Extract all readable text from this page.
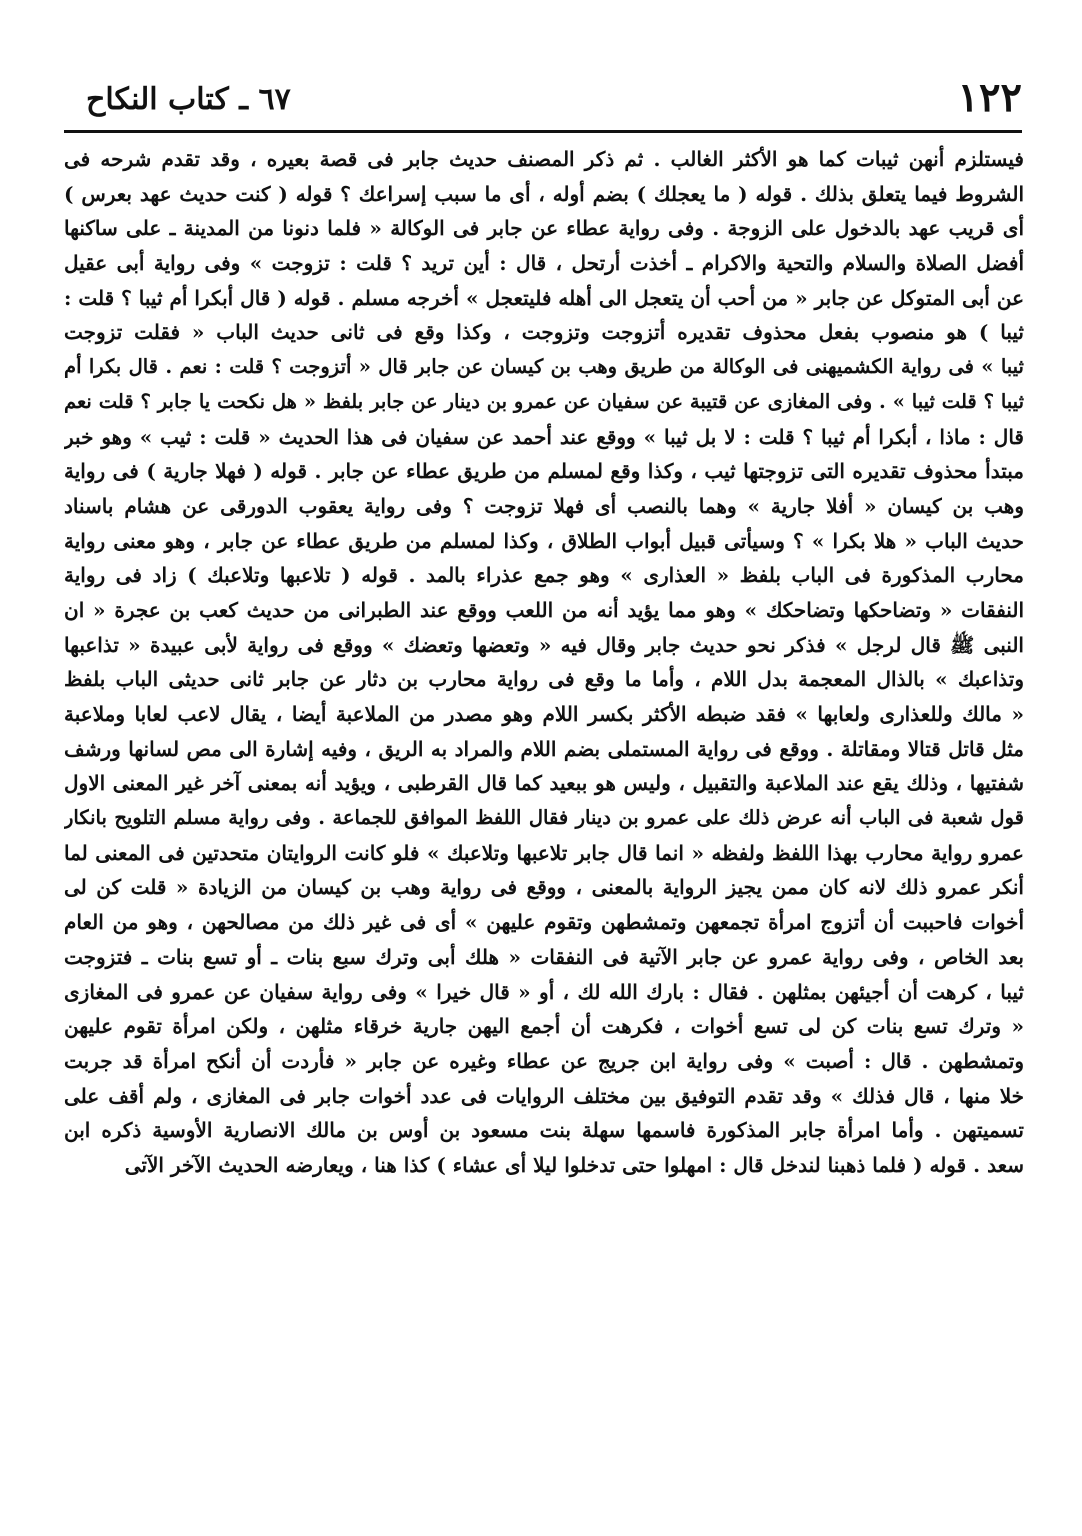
٦٧ ـ كتاب النكاح	١٢٢
فيستلزم أنهن ثيبات كما هو الأكثر الغالب . ثم ذكر المصنف حديث جابر فى قصة بعيره ، وقد تقدم شرحه فى
الشروط فيما يتعلق بذلك . قوله ( ما يعجلك ) بضم أوله ، أى ما سبب إسراعك ؟ قوله ( كنت حديث عهد بعرس )
أى قريب عهد بالدخول على الزوجة . وفى رواية عطاء عن جابر فى الوكالة « فلما دنونا من المدينة ـ على ساكنها
أفضل الصلاة والسلام والتحية والاكرام ـ أخذت أرتحل ، قال : أين تريد ؟ قلت : تزوجت » وفى رواية أبى عقيل
عن أبى المتوكل عن جابر « من أحب أن يتعجل الى أهله فليتعجل » أخرجه مسلم . قوله ( قال أبكرا أم ثيبا ؟ قلت :
ثيبا ) هو منصوب بفعل محذوف تقديره أتزوجت وتزوجت ، وكذا وقع فى ثانى حديث الباب « فقلت تزوجت
ثيبا » فى رواية الكشميهنى فى الوكالة من طريق وهب بن كيسان عن جابر قال « أتزوجت ؟ قلت : نعم . قال بكرا أم
ثيبا ؟ قلت ثيبا » . وفى المغازى عن قتيبة عن سفيان عن عمرو بن دينار عن جابر بلفظ « هل نكحت يا جابر ؟ قلت نعم
قال : ماذا ، أبكرا أم ثيبا ؟ قلت : لا بل ثيبا » ووقع عند أحمد عن سفيان فى هذا الحديث « قلت : ثيب » وهو خبر
مبتدأ محذوف تقديره التى تزوجتها ثيب ، وكذا وقع لمسلم من طريق عطاء عن جابر . قوله ( فهلا جارية ) فى رواية
وهب بن كيسان « أفلا جارية » وهما بالنصب أى فهلا تزوجت ؟ وفى رواية يعقوب الدورقى عن هشام باسناد
حديث الباب « هلا بكرا » ؟ وسيأتى قبيل أبواب الطلاق ، وكذا لمسلم من طريق عطاء عن جابر ، وهو معنى رواية
محارب المذكورة فى الباب بلفظ « العذارى » وهو جمع عذراء بالمد . قوله ( تلاعبها وتلاعبك ) زاد فى رواية
النفقات « وتضاحكها وتضاحكك » وهو مما يؤيد أنه من اللعب ووقع عند الطبرانى من حديث كعب بن عجرة « ان
النبى ﷺ قال لرجل » فذكر نحو حديث جابر وقال فيه « وتعضها وتعضك » ووقع فى رواية لأبى عبيدة « تذاعبها
وتذاعبك » بالذال المعجمة بدل اللام ، وأما ما وقع فى رواية محارب بن دثار عن جابر ثانى حديثى الباب بلفظ
« مالك وللعذارى ولعابها » فقد ضبطه الأكثر بكسر اللام وهو مصدر من الملاعبة أيضا ، يقال لاعب لعابا وملاعبة
مثل قاتل قتالا ومقاتلة . ووقع فى رواية المستملى بضم اللام والمراد به الريق ، وفيه إشارة الى مص لسانها ورشف
شفتيها ، وذلك يقع عند الملاعبة والتقبيل ، وليس هو ببعيد كما قال القرطبى ، ويؤيد أنه بمعنى آخر غير المعنى الاول
قول شعبة فى الباب أنه عرض ذلك على عمرو بن دينار فقال اللفظ الموافق للجماعة . وفى رواية مسلم التلويح بانكار
عمرو رواية محارب بهذا اللفظ ولفظه « انما قال جابر تلاعبها وتلاعبك » فلو كانت الروايتان متحدتين فى المعنى لما
أنكر عمرو ذلك لانه كان ممن يجيز الرواية بالمعنى ، ووقع فى رواية وهب بن كيسان من الزيادة « قلت كن لى
أخوات فاحببت أن أتزوج امرأة تجمعهن وتمشطهن وتقوم عليهن » أى فى غير ذلك من مصالحهن ، وهو من العام
بعد الخاص ، وفى رواية عمرو عن جابر الآتية فى النفقات « هلك أبى وترك سبع بنات ـ أو تسع بنات ـ فتزوجت
ثيبا ، كرهت أن أجيئهن بمثلهن . فقال : بارك الله لك ، أو « قال خيرا » وفى رواية سفيان عن عمرو فى المغازى
« وترك تسع بنات كن لى تسع أخوات ، فكرهت أن أجمع اليهن جارية خرقاء مثلهن ، ولكن امرأة تقوم عليهن
وتمشطهن . قال : أصبت » وفى رواية ابن جريج عن عطاء وغيره عن جابر « فأردت أن أنكح امرأة قد جربت
خلا منها ، قال فذلك » وقد تقدم التوفيق بين مختلف الروايات فى عدد أخوات جابر فى المغازى ، ولم أقف على
تسميتهن . وأما امرأة جابر المذكورة فاسمها سهلة بنت مسعود بن أوس بن مالك الانصارية الأوسية ذكره ابن
سعد . قوله ( فلما ذهبنا لندخل قال : امهلوا حتى تدخلوا ليلا أى عشاء ) كذا هنا ، ويعارضه الحديث الآخر الآتى
